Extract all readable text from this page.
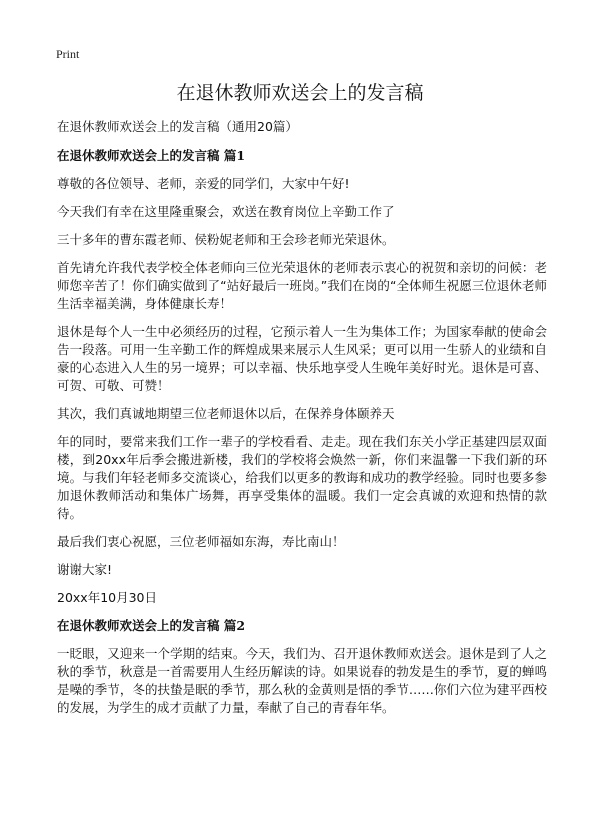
Print
在退休教师欢送会上的发言稿

在退休教师欢送会上的发言稿（通用20篇）

在退休教师欢送会上的发言稿 篇1

尊敬的各位领导、老师，亲爱的同学们，大家中午好!

今天我们有幸在这里隆重聚会，欢送在教育岗位上辛勤工作了

三十多年的曹东霞老师、侯粉妮老师和王会珍老师光荣退休。

首先请允许我代表学校全体老师向三位光荣退休的老师表示衷心的祝贺和亲切的问候：老师您辛苦了！你们确实做到了“站好最后一班岗。”我们在岗的“全体师生祝愿三位退休老师生活幸福美满，身体健康长寿！

退休是每个人一生中必须经历的过程，它预示着人一生为集体工作；为国家奉献的使命会告一段落。可用一生辛勤工作的辉煌成果来展示人生风采；更可以用一生骄人的业绩和自豪的心态进入人生的另一境界；可以幸福、快乐地享受人生晚年美好时光。退休是可喜、可贺、可敬、可赞！

其次，我们真诚地期望三位老师退休以后，在保养身体颐养天

年的同时，要常来我们工作一辈子的学校看看、走走。现在我们东关小学正基建四层双面楼，到20xx年后季会搬进新楼，我们的学校将会焕然一新，你们来温馨一下我们新的环境。与我们年轻老师多交流谈心，给我们以更多的教诲和成功的教学经验。同时也要多参加退休教师活动和集体广场舞，再享受集体的温暖。我们一定会真诚的欢迎和热情的款待。

最后我们衷心祝愿，三位老师福如东海，寿比南山！

谢谢大家!

20xx年10月30日

在退休教师欢送会上的发言稿 篇2

一眨眼，又迎来一个学期的结束。今天，我们为、召开退休教师欢送会。退休是到了人之秋的季节，秋意是一首需要用人生经历解读的诗。如果说春的勃发是生的季节，夏的蝉鸣是噪的季节，冬的扶蛰是眠的季节，那么秋的金黄则是悟的季节……你们六位为建平西校的发展，为学生的成才贡献了力量，奉献了自己的青春年华。
